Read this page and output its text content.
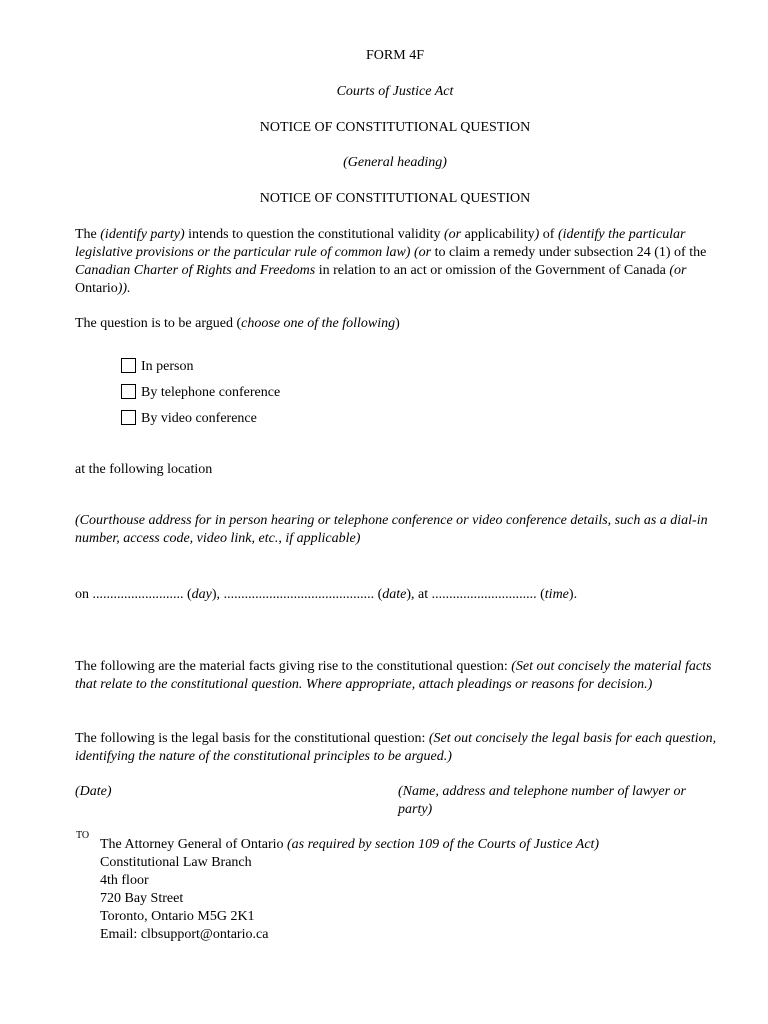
FORM 4F
Courts of Justice Act
NOTICE OF CONSTITUTIONAL QUESTION
(General heading)
NOTICE OF CONSTITUTIONAL QUESTION
The (identify party) intends to question the constitutional validity (or applicability) of (identify the particular legislative provisions or the particular rule of common law) (or to claim a remedy under subsection 24 (1) of the Canadian Charter of Rights and Freedoms in relation to an act or omission of the Government of Canada (or Ontario)).
The question is to be argued (choose one of the following)
In person
By telephone conference
By video conference
at the following location
(Courthouse address for in person hearing or telephone conference or video conference details, such as a dial-in number, access code, video link, etc., if applicable)
on .......................... (day), ........................................... (date), at .............................. (time).
The following are the material facts giving rise to the constitutional question: (Set out concisely the material facts that relate to the constitutional question. Where appropriate, attach pleadings or reasons for decision.)
The following is the legal basis for the constitutional question: (Set out concisely the legal basis for each question, identifying the nature of the constitutional principles to be argued.)
(Date)	(Name, address and telephone number of lawyer or party)
TO
The Attorney General of Ontario (as required by section 109 of the Courts of Justice Act)
Constitutional Law Branch
4th floor
720 Bay Street
Toronto, Ontario M5G 2K1
Email: clbsupport@ontario.ca
